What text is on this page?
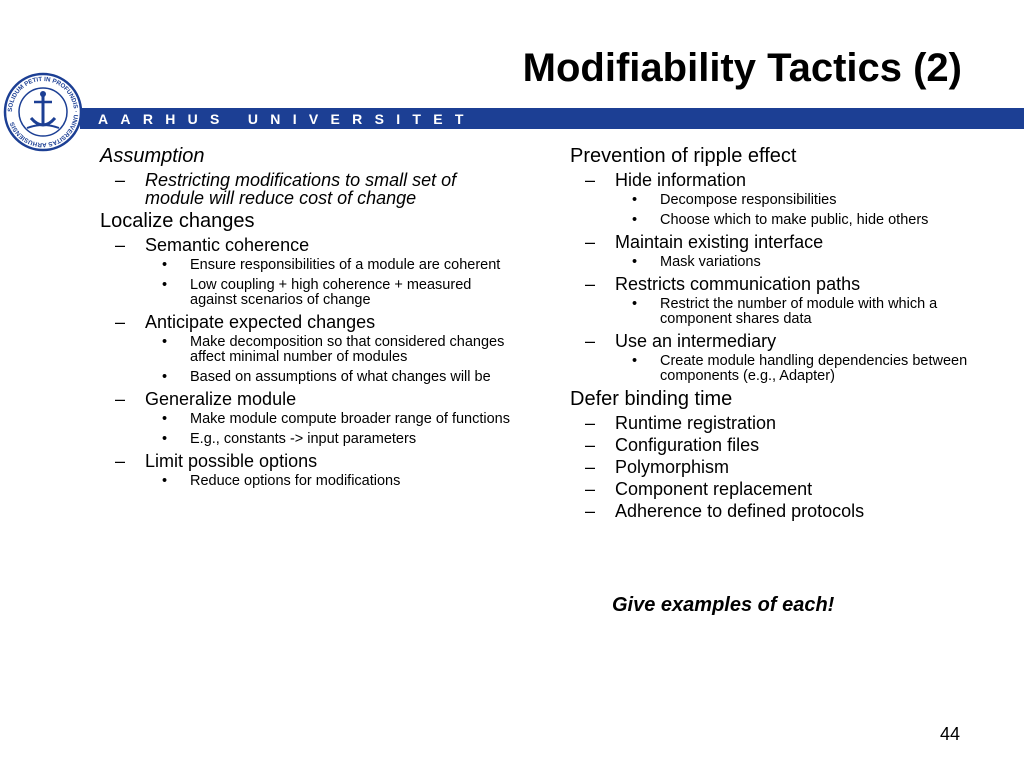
SOLIDUM PETIT IN PROFUNDIS · UNIVERSITAS ARHUSIENSIS
Modifiability Tactics (2)
AARHUS UNIVERSITET
Assumption
– Restricting modifications to small set of module will reduce cost of change
Localize changes
– Semantic coherence
• Ensure responsibilities of a module are coherent
• Low coupling + high coherence + measured against scenarios of change
– Anticipate expected changes
• Make decomposition so that considered changes affect minimal number of modules
• Based on assumptions of what changes will be
– Generalize module
• Make module compute broader range of functions
• E.g., constants -> input parameters
– Limit possible options
• Reduce options for modifications
Prevention of ripple effect
– Hide information
• Decompose responsibilities
• Choose which to make public, hide others
– Maintain existing interface
• Mask variations
– Restricts communication paths
• Restrict the number of module with which a component shares data
– Use an intermediary
• Create module handling dependencies between components (e.g., Adapter)
Defer binding time
– Runtime registration
– Configuration files
– Polymorphism
– Component replacement
– Adherence to defined protocols
Give examples of each!
44
